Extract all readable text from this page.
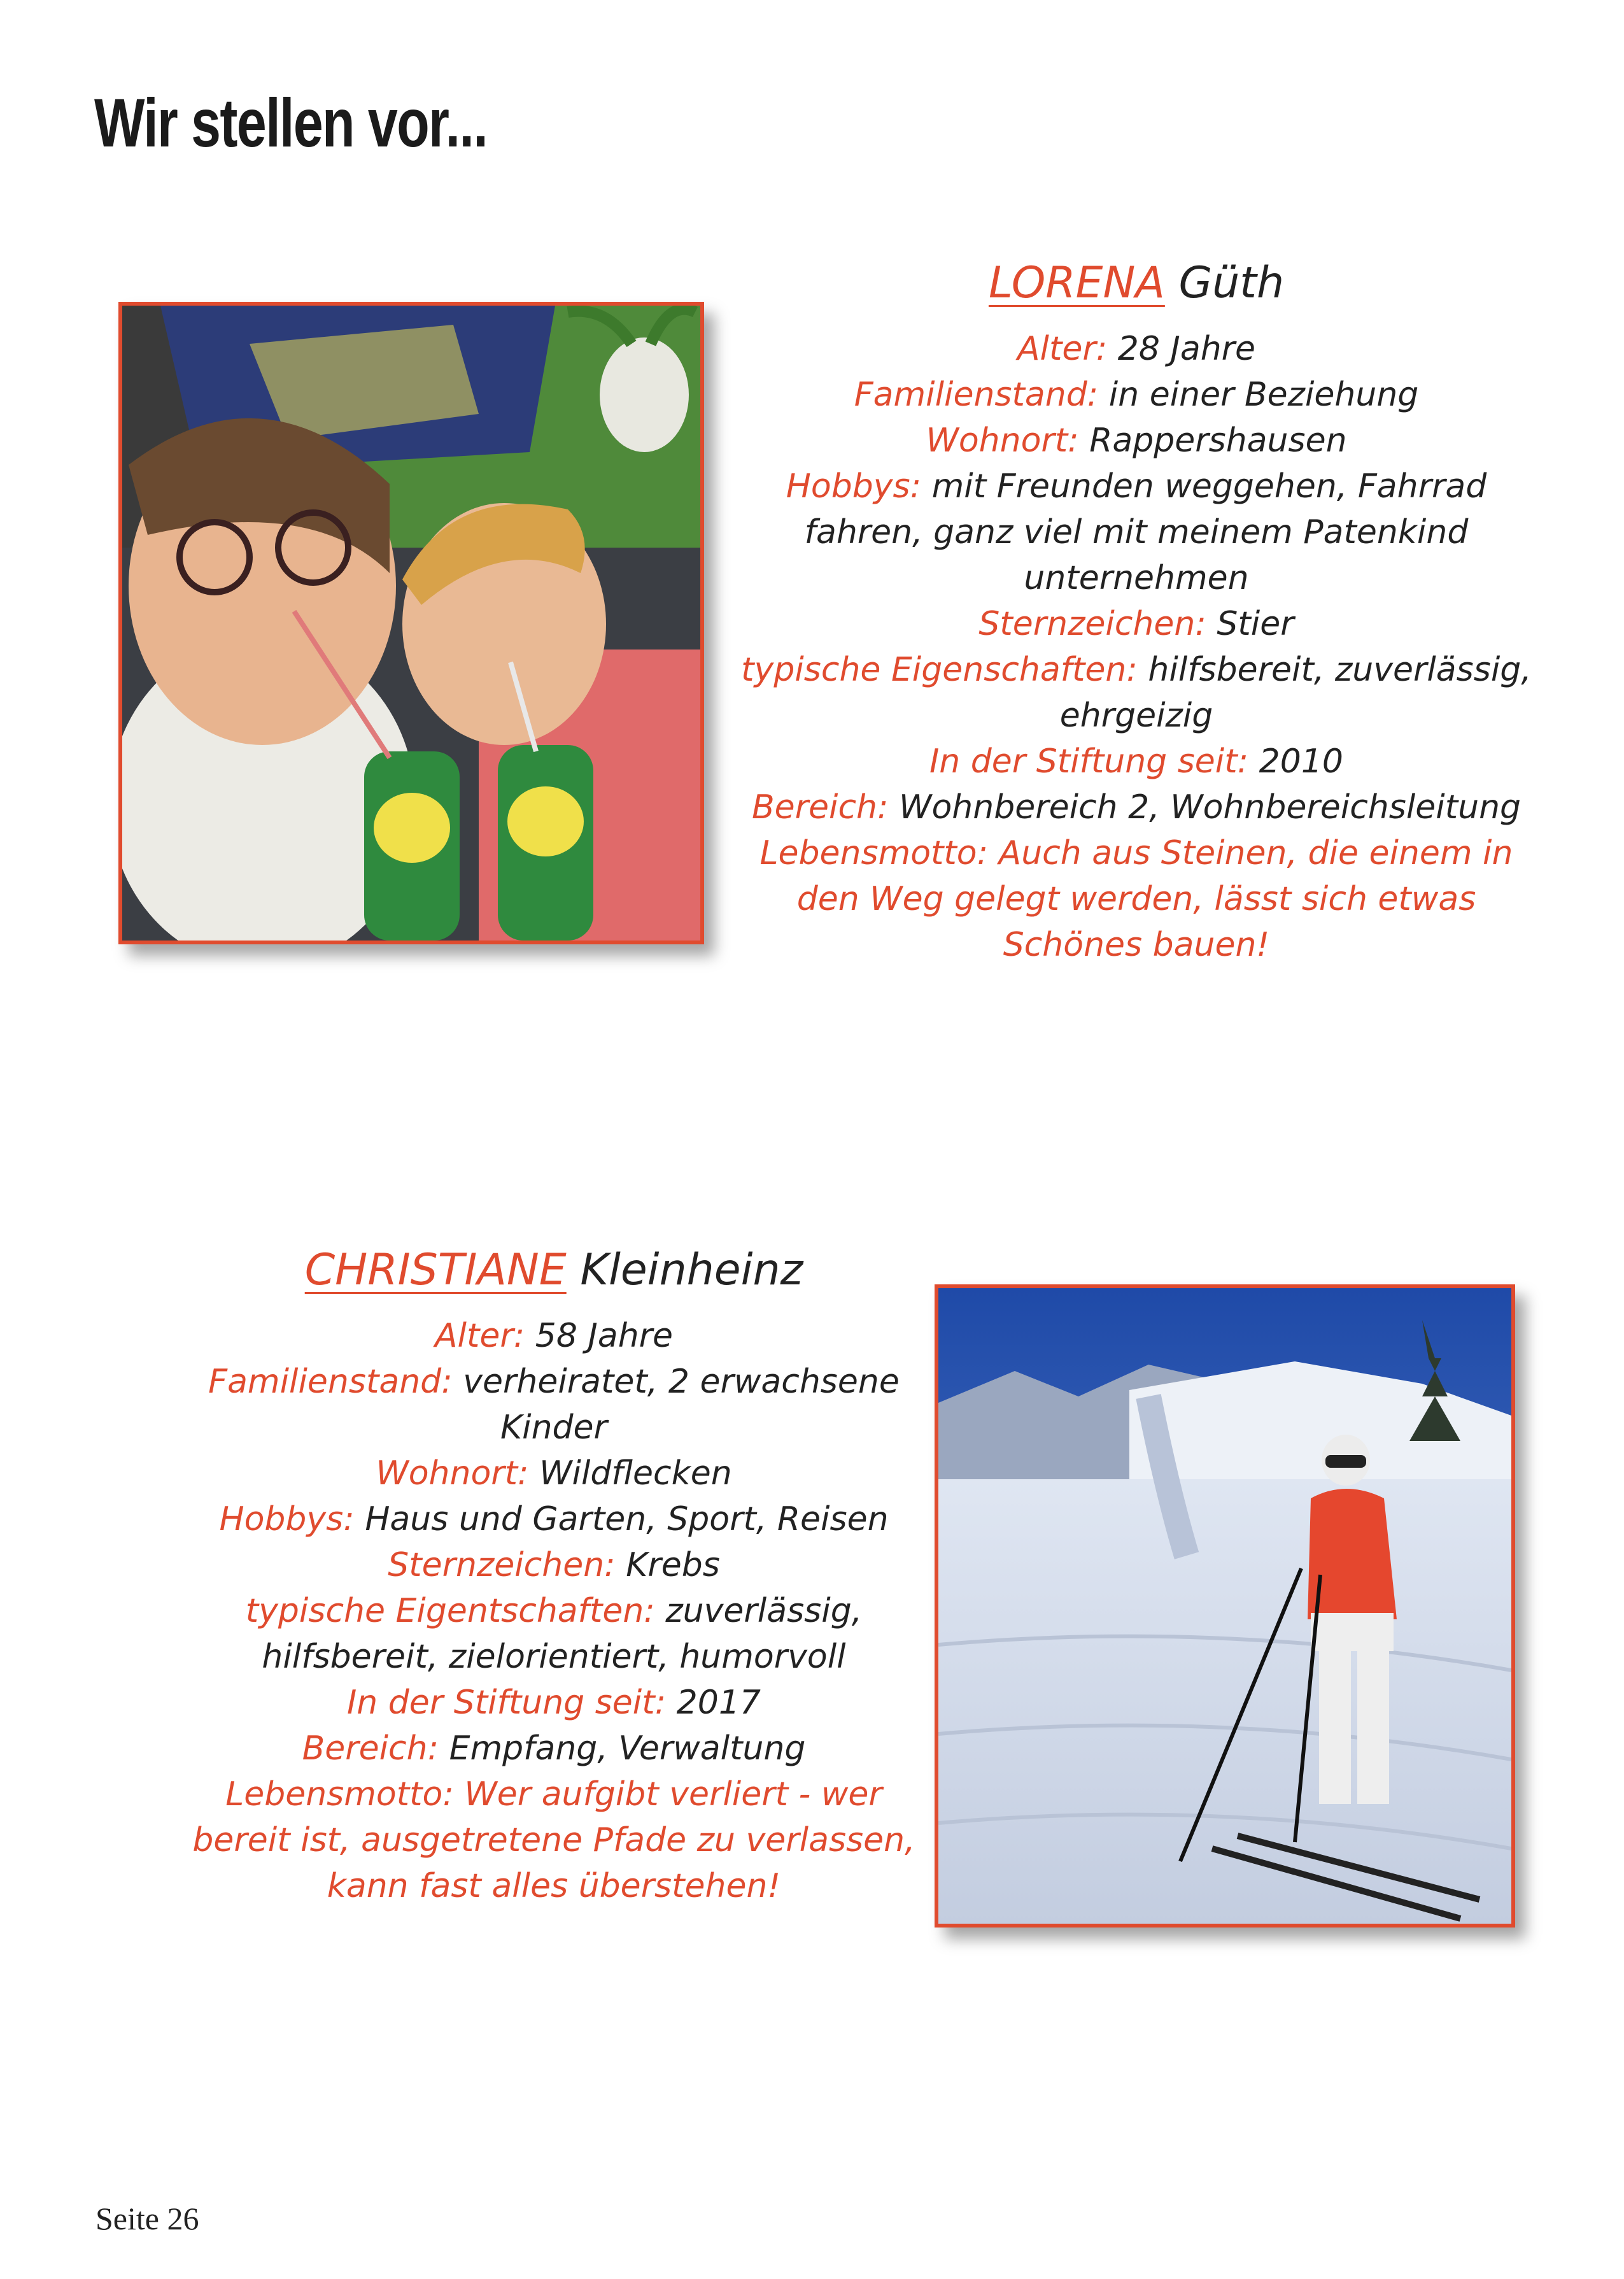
Wir stellen vor...
LORENA Güth

Alter: 28 Jahre

Familienstand: in einer Beziehung

Wohnort: Rappershausen

Hobbys: mit Freunden weggehen, Fahrrad fahren, ganz viel mit meinem Patenkind unternehmen

Sternzeichen: Stier

typische Eigenschaften: hilfsbereit, zuverlässig, ehrgeizig

In der Stiftung seit: 2010

Bereich: Wohnbereich 2, Wohnbereichsleitung

Lebensmotto: Auch aus Steinen, die einem in den Weg gelegt werden, lässt sich etwas Schönes bauen!

CHRISTIANE Kleinheinz

Alter: 58 Jahre

Familienstand: verheiratet, 2 erwachsene Kinder

Wohnort: Wildflecken

Hobbys: Haus und Garten, Sport, Reisen

Sternzeichen: Krebs

typische Eigentschaften: zuverlässig, hilfsbereit, zielorientiert, humorvoll

In der Stiftung seit: 2017

Bereich: Empfang, Verwaltung

Lebensmotto: Wer aufgibt verliert - wer bereit ist, ausgetretene Pfade zu verlassen, kann fast alles überstehen!

Seite 26
